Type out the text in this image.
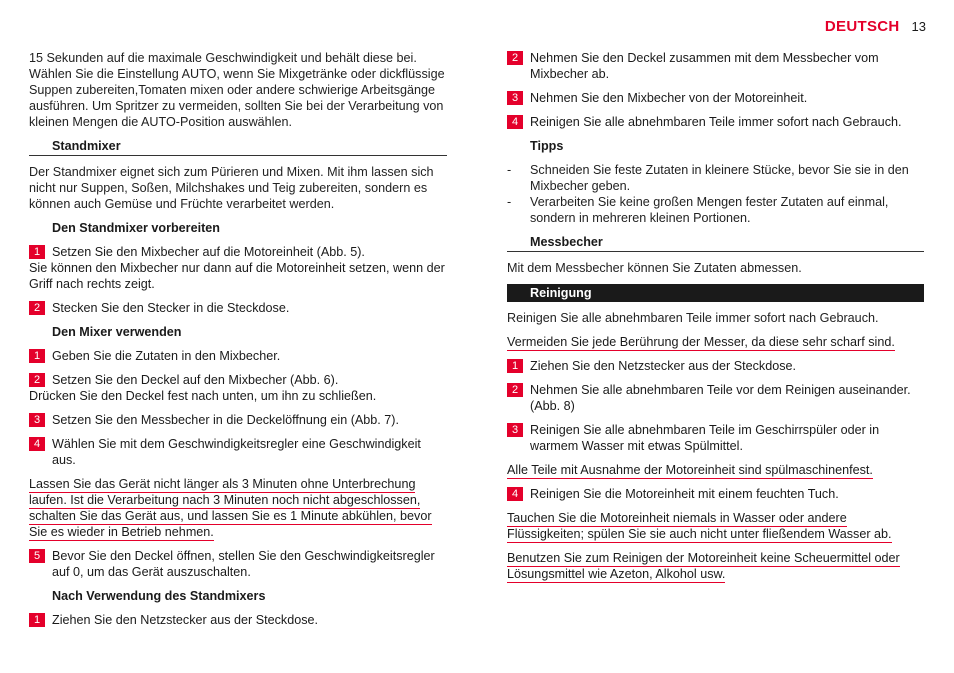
DEUTSCH 13

15 Sekunden auf die maximale Geschwindigkeit und behält diese bei. Wählen Sie die Einstellung AUTO, wenn Sie Mixgetränke oder dickflüssige Suppen zubereiten,Tomaten mixen oder andere schwierige Arbeitsgänge ausführen. Um Spritzer zu vermeiden, sollten Sie bei der Verarbeitung von kleinen Mengen die AUTO-Position auswählen.

Standmixer

Der Standmixer eignet sich zum Pürieren und Mixen. Mit ihm lassen sich nicht nur Suppen, Soßen, Milchshakes und Teig zubereiten, sondern es können auch Gemüse und Früchte verarbeitet werden.

Den Standmixer vorbereiten
1 Setzen Sie den Mixbecher auf die Motoreinheit (Abb. 5).
Sie können den Mixbecher nur dann auf die Motoreinheit setzen, wenn der Griff nach rechts zeigt.
2 Stecken Sie den Stecker in die Steckdose.
Den Mixer verwenden
1 Geben Sie die Zutaten in den Mixbecher.
2 Setzen Sie den Deckel auf den Mixbecher (Abb. 6).
Drücken Sie den Deckel fest nach unten, um ihn zu schließen.
3 Setzen Sie den Messbecher in die Deckelöffnung ein (Abb. 7).
4 Wählen Sie mit dem Geschwindigkeitsregler eine Geschwindigkeit aus.

Lassen Sie das Gerät nicht länger als 3 Minuten ohne Unterbrechung laufen. Ist die Verarbeitung nach 3 Minuten noch nicht abgeschlossen, schalten Sie das Gerät aus, und lassen Sie es 1 Minute abkühlen, bevor Sie es wieder in Betrieb nehmen.

5 Bevor Sie den Deckel öffnen, stellen Sie den Geschwindigkeitsregler auf 0, um das Gerät auszuschalten.
Nach Verwendung des Standmixers
1 Ziehen Sie den Netzstecker aus der Steckdose.
2 Nehmen Sie den Deckel zusammen mit dem Messbecher vom Mixbecher ab.
3 Nehmen Sie den Mixbecher von der Motoreinheit.
4 Reinigen Sie alle abnehmbaren Teile immer sofort nach Gebrauch.
Tipps
- Schneiden Sie feste Zutaten in kleinere Stücke, bevor Sie sie in den Mixbecher geben.
- Verarbeiten Sie keine großen Mengen fester Zutaten auf einmal, sondern in mehreren kleinen Portionen.
Messbecher

Mit dem Messbecher können Sie Zutaten abmessen.

Reinigung

Reinigen Sie alle abnehmbaren Teile immer sofort nach Gebrauch.

Vermeiden Sie jede Berührung der Messer, da diese sehr scharf sind.

1 Ziehen Sie den Netzstecker aus der Steckdose.
2 Nehmen Sie alle abnehmbaren Teile vor dem Reinigen auseinander. (Abb. 8)
3 Reinigen Sie alle abnehmbaren Teile im Geschirrspüler oder in warmem Wasser mit etwas Spülmittel.

Alle Teile mit Ausnahme der Motoreinheit sind spülmaschinenfest.

4 Reinigen Sie die Motoreinheit mit einem feuchten Tuch.

Tauchen Sie die Motoreinheit niemals in Wasser oder andere Flüssigkeiten; spülen Sie sie auch nicht unter fließendem Wasser ab.

Benutzen Sie zum Reinigen der Motoreinheit keine Scheuermittel oder Lösungsmittel wie Azeton, Alkohol usw.
